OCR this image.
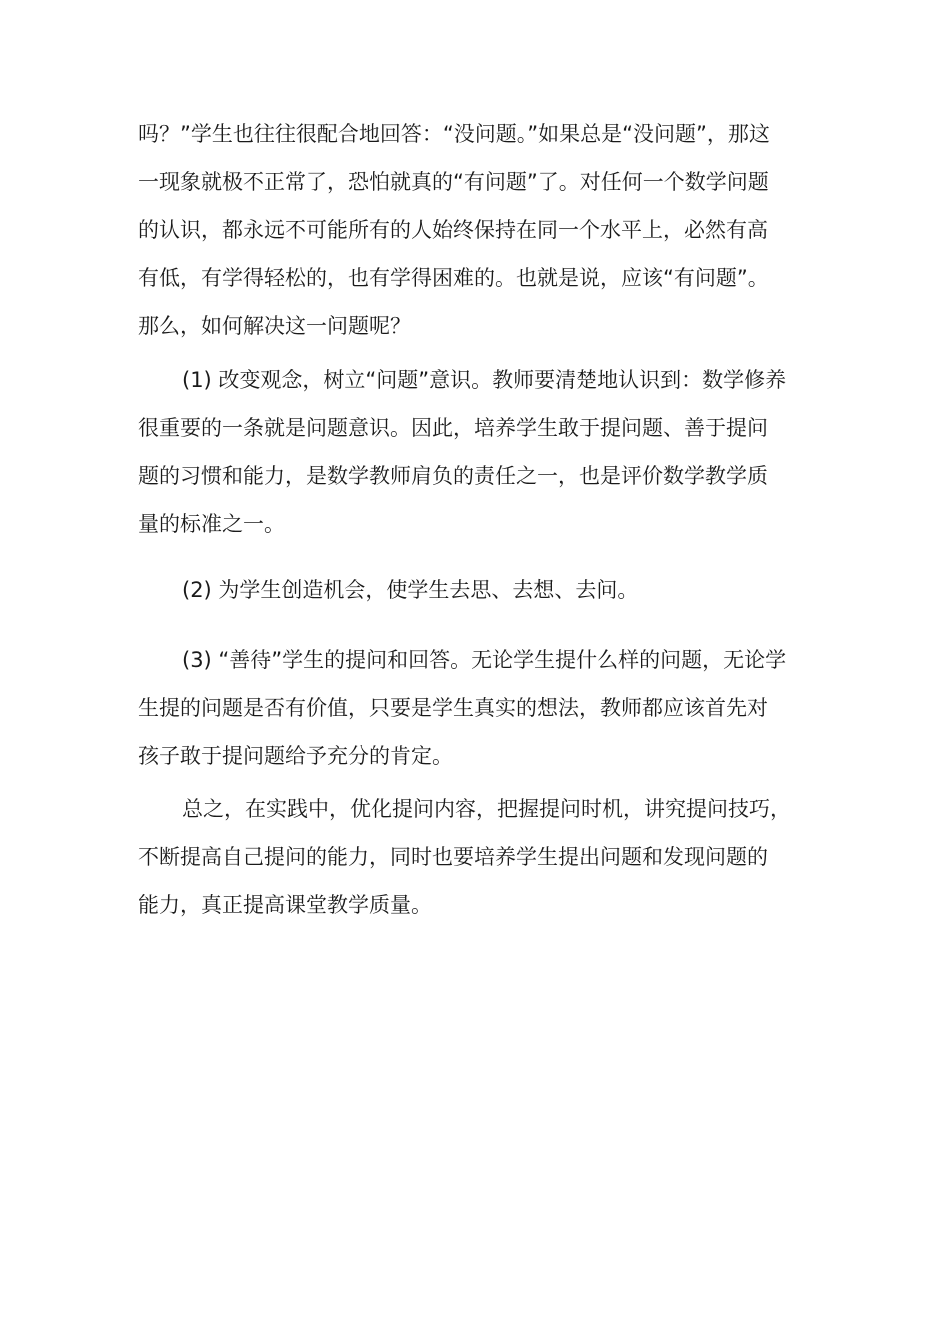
吗？”学生也往往很配合地回答：“没问题。”如果总是“没问题”，那这
一现象就极不正常了，恐怕就真的“有问题”了。对任何一个数学问题
的认识，都永远不可能所有的人始终保持在同一个水平上，必然有高
有低，有学得轻松的，也有学得困难的。也就是说，应该“有问题”。
那么，如何解决这一问题呢？
(1) 改变观念，树立“问题”意识。教师要清楚地认识到：数学修养
很重要的一条就是问题意识。因此，培养学生敢于提问题、善于提问
题的习惯和能力，是数学教师肩负的责任之一，也是评价数学教学质
量的标准之一。
(2) 为学生创造机会，使学生去思、去想、去问。
(3) “善待”学生的提问和回答。无论学生提什么样的问题，无论学
生提的问题是否有价值，只要是学生真实的想法，教师都应该首先对
孩子敢于提问题给予充分的肯定。
总之，在实践中，优化提问内容，把握提问时机，讲究提问技巧，
不断提高自己提问的能力，同时也要培养学生提出问题和发现问题的
能力，真正提高课堂教学质量。
